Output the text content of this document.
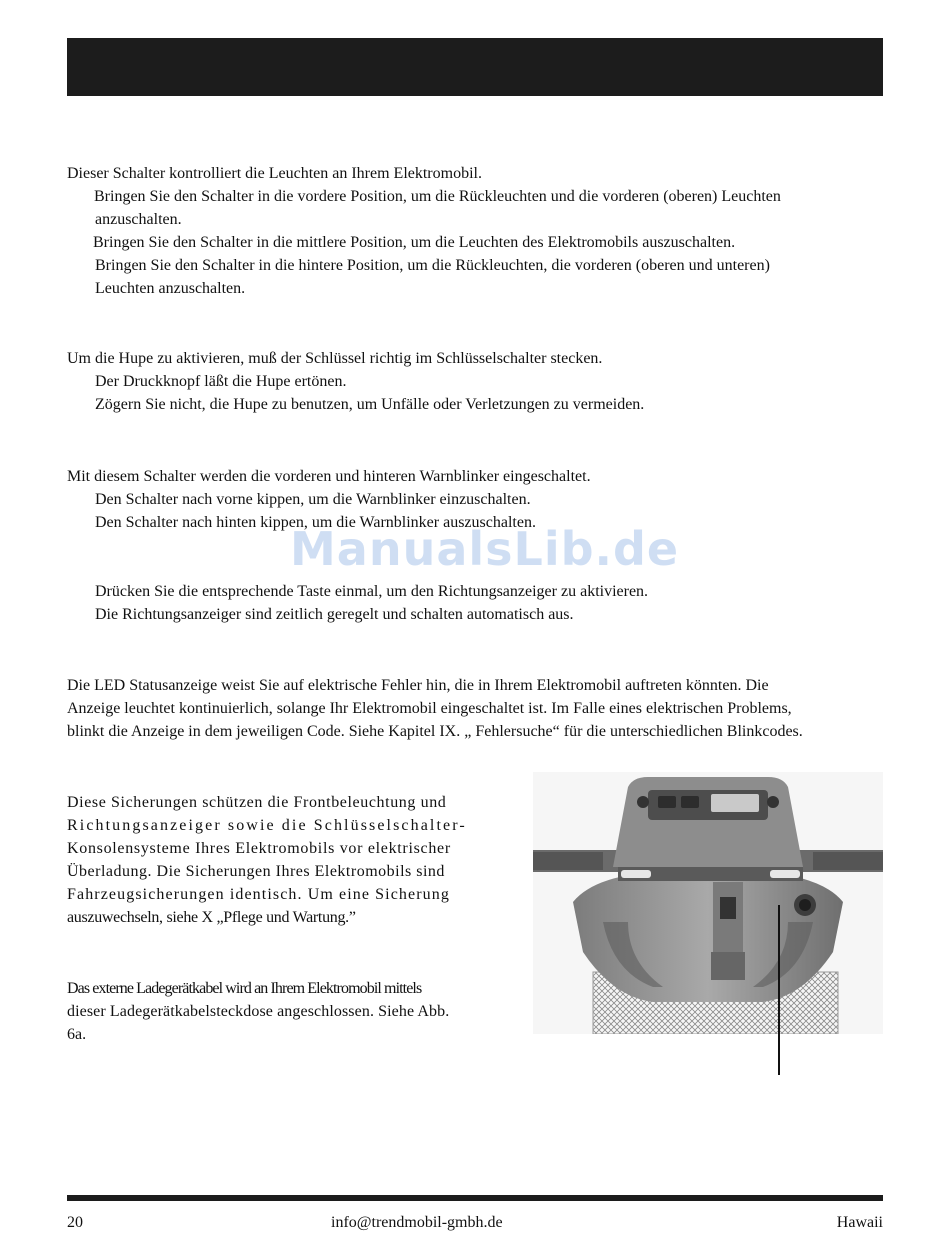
Dieser Schalter kontrolliert die Leuchten an Ihrem Elektromobil.
Bringen Sie den Schalter in die vordere Position, um die Rückleuchten und die vorderen (oberen) Leuchten
anzuschalten.
Bringen Sie den Schalter in die mittlere Position, um die Leuchten des Elektromobils auszuschalten.
Bringen Sie den Schalter in die hintere Position, um die Rückleuchten, die vorderen (oberen und unteren)
Leuchten anzuschalten.
Um die Hupe zu aktivieren, muß der Schlüssel richtig im Schlüsselschalter stecken.
Der Druckknopf läßt die Hupe ertönen.
Zögern Sie nicht, die Hupe zu benutzen, um Unfälle oder Verletzungen zu vermeiden.
Mit diesem Schalter werden die vorderen und hinteren Warnblinker eingeschaltet.
Den Schalter nach vorne kippen, um die Warnblinker einzuschalten.
Den Schalter nach hinten kippen, um die Warnblinker auszuschalten.
ManualsLib.de
Drücken Sie die entsprechende Taste einmal, um den Richtungsanzeiger zu aktivieren.
Die Richtungsanzeiger sind zeitlich geregelt und schalten automatisch aus.
Die LED Statusanzeige weist Sie auf elektrische Fehler hin, die in Ihrem Elektromobil auftreten könnten. Die
Anzeige leuchtet kontinuierlich, solange Ihr Elektromobil eingeschaltet ist. Im Falle eines elektrischen Problems,
blinkt die Anzeige in dem jeweiligen Code. Siehe Kapitel IX. „ Fehlersuche“ für die unterschiedlichen Blinkcodes.
Diese Sicherungen schützen die Frontbeleuchtung und
Richtungsanzeiger sowie die Schlüsselschalter-
Konsolensysteme Ihres Elektromobils vor elektrischer
Überladung. Die Sicherungen Ihres Elektromobils sind
Fahrzeugsicherungen identisch. Um eine Sicherung
auszuwechseln, siehe X „Pflege und Wartung.”
Das externe Ladegerätkabel wird an Ihrem Elektromobil mittels
dieser Ladegerätkabelsteckdose angeschlossen. Siehe Abb.
6a.
20	info@trendmobil-gmbh.de	Hawaii
